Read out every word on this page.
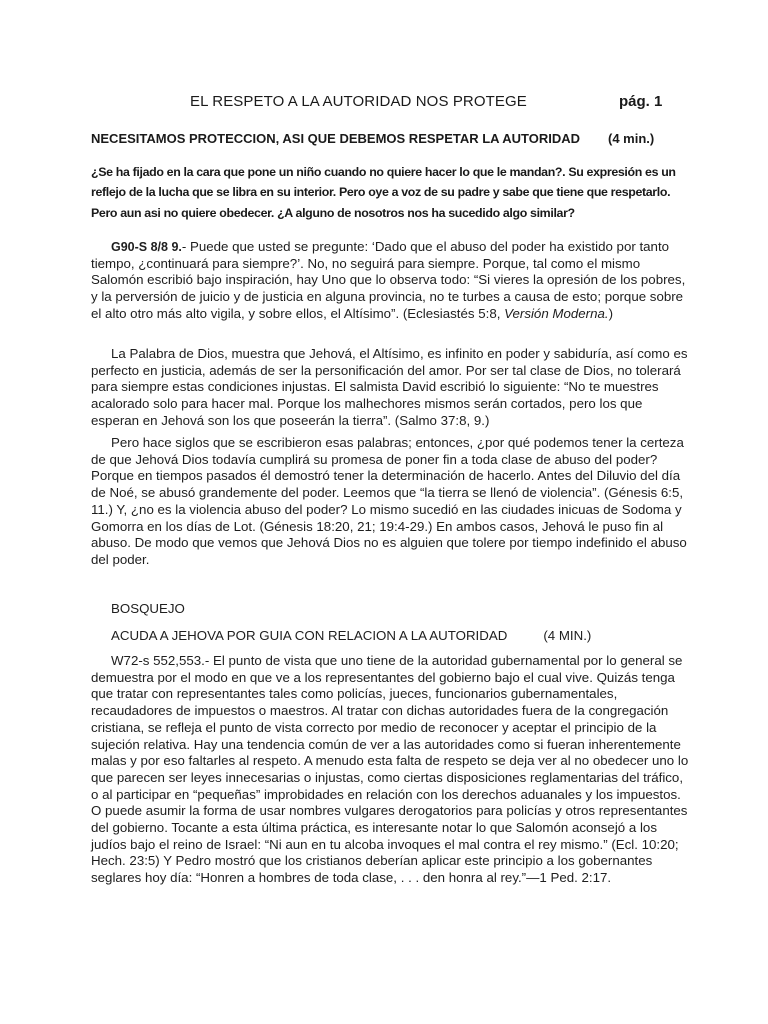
EL RESPETO A LA AUTORIDAD NOS PROTEGE	pág. 1
NECESITAMOS PROTECCION, ASI QUE DEBEMOS RESPETAR LA AUTORIDAD (4 min.)
¿Se ha fijado en la cara que pone un niño cuando no quiere hacer lo que le mandan?. Su expresión es un reflejo de la lucha que se libra en su interior. Pero oye a voz de su padre y sabe que tiene que respetarlo. Pero aun asi no quiere obedecer. ¿A alguno de nosotros nos ha sucedido algo similar?
G90-S 8/8 9.- Puede que usted se pregunte: ‘Dado que el abuso del poder ha existido por tanto tiempo, ¿continuará para siempre?’. No, no seguirá para siempre. Porque, tal como el mismo Salomón escribió bajo inspiración, hay Uno que lo observa todo: “Si vieres la opresión de los pobres, y la perversión de juicio y de justicia en alguna provincia, no te turbes a causa de esto; porque sobre el alto otro más alto vigila, y sobre ellos, el Altísimo”. (Eclesiastés 5:8, Versión Moderna.)
La Palabra de Dios, muestra que Jehová, el Altísimo, es infinito en poder y sabiduría, así como es perfecto en justicia, además de ser la personificación del amor. Por ser tal clase de Dios, no tolerará para siempre estas condiciones injustas. El salmista David escribió lo siguiente: “No te muestres acalorado solo para hacer mal. Porque los malhechores mismos serán cortados, pero los que esperan en Jehová son los que poseerán la tierra”. (Salmo 37:8, 9.)
Pero hace siglos que se escribieron esas palabras; entonces, ¿por qué podemos tener la certeza de que Jehová Dios todavía cumplirá su promesa de poner fin a toda clase de abuso del poder? Porque en tiempos pasados él demostró tener la determinación de hacerlo. Antes del Diluvio del día de Noé, se abusó grandemente del poder. Leemos que “la tierra se llenó de violencia”. (Génesis 6:5, 11.) Y, ¿no es la violencia abuso del poder? Lo mismo sucedió en las ciudades inicuas de Sodoma y Gomorra en los días de Lot. (Génesis 18:20, 21; 19:4-29.) En ambos casos, Jehová le puso fin al abuso. De modo que vemos que Jehová Dios no es alguien que tolere por tiempo indefinido el abuso del poder.
BOSQUEJO
ACUDA A JEHOVA POR GUIA CON RELACION A LA AUTORIDAD	(4 MIN.)
W72-s 552,553.- El punto de vista que uno tiene de la autoridad gubernamental por lo general se demuestra por el modo en que ve a los representantes del gobierno bajo el cual vive. Quizás tenga que tratar con representantes tales como policías, jueces, funcionarios gubernamentales, recaudadores de impuestos o maestros. Al tratar con dichas autoridades fuera de la congregación cristiana, se refleja el punto de vista correcto por medio de reconocer y aceptar el principio de la sujeción relativa. Hay una tendencia común de ver a las autoridades como si fueran inherentemente malas y por eso faltarles al respeto. A menudo esta falta de respeto se deja ver al no obedecer uno lo que parecen ser leyes innecesarias o injustas, como ciertas disposiciones reglamentarias del tráfico, o al participar en “pequeñas” improbidades en relación con los derechos aduanales y los impuestos. O puede asumir la forma de usar nombres vulgares derogatorios para policías y otros representantes del gobierno. Tocante a esta última práctica, es interesante notar lo que Salomón aconsejó a los judíos bajo el reino de Israel: “Ni aun en tu alcoba invoques el mal contra el rey mismo.” (Ecl. 10:20; Hech. 23:5) Y Pedro mostró que los cristianos deberían aplicar este principio a los gobernantes seglares hoy día: “Honren a hombres de toda clase, . . . den honra al rey.”—1 Ped. 2:17.
